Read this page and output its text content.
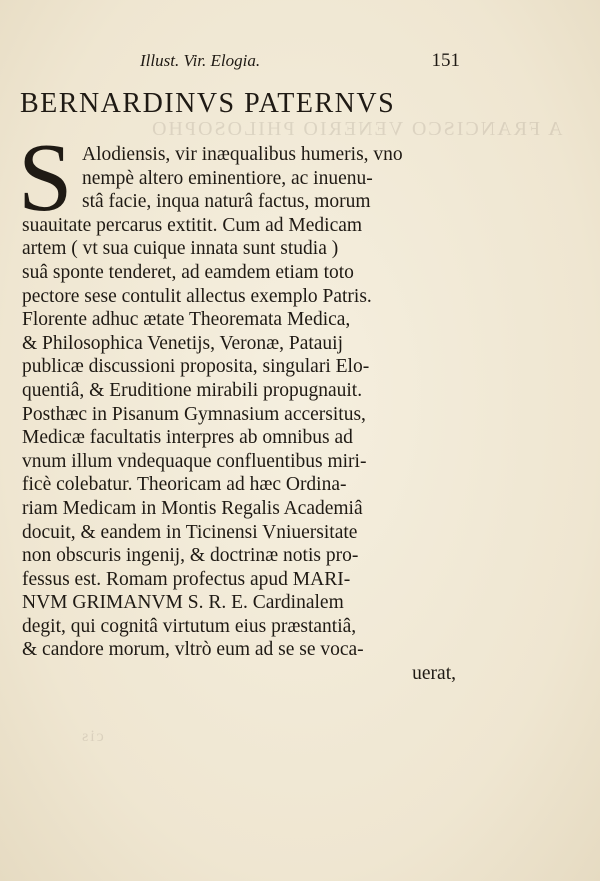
A FRANCISCO VENERIO PHILOSOPHO
cis
Illust. Vir. Elogia.	151
BERNARDINVS PATERNVS
S Alodiensis, vir inæqualibus humeris, vno
nempè altero eminentiore, ac inuenu-
stâ facie, inqua naturâ factus, morum
suauitate percarus extitit. Cum ad Medicam
artem ( vt sua cuique innata sunt studia )
suâ sponte tenderet, ad eamdem etiam toto
pectore sese contulit allectus exemplo Patris.
Florente adhuc ætate Theoremata Medica,
& Philosophica Venetijs, Veronæ, Patauij
publicæ discussioni proposita, singulari Elo-
quentiâ, & Eruditione mirabili propugnauit.
Posthæc in Pisanum Gymnasium accersitus,
Medicæ facultatis interpres ab omnibus ad
vnum illum vndequaque confluentibus miri-
ficè colebatur. Theoricam ad hæc Ordina-
riam Medicam in Montis Regalis Academiâ
docuit, & eandem in Ticinensi Vniuersitate
non obscuris ingenij, & doctrinæ notis pro-
fessus est. Romam profectus apud MARI-
NVM GRIMANVM S. R. E. Cardinalem
degit, qui cognitâ virtutum eius præstantiâ,
& candore morum, vltrò eum ad se se voca-
uerat,
